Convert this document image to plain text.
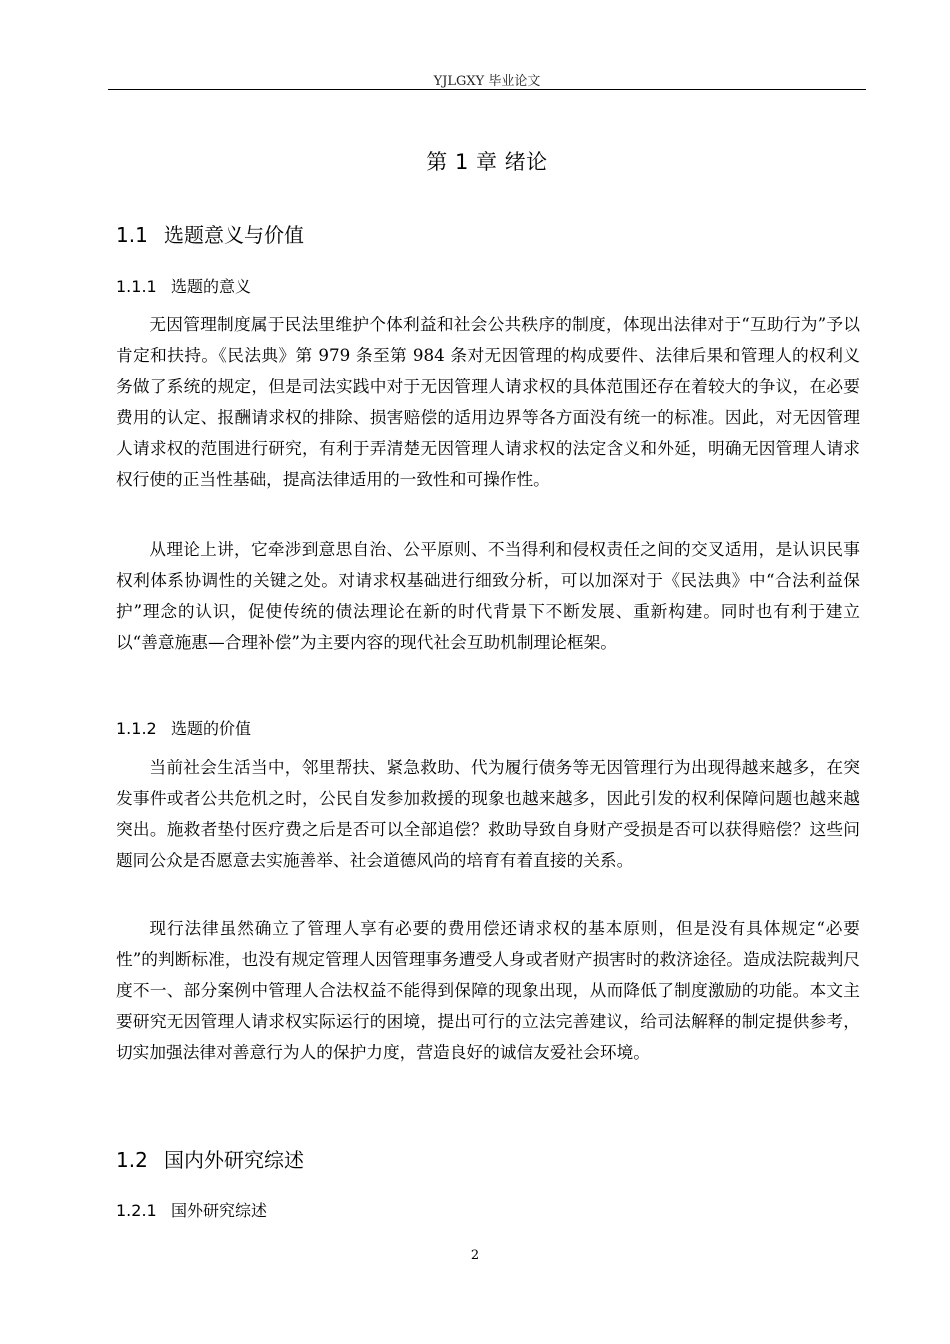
YJLGXY 毕业论文
第 1 章 绪论
1.1 选题意义与价值
1.1.1 选题的意义

无因管理制度属于民法里维护个体利益和社会公共秩序的制度，体现出法律对于“互助行为”予以肯定和扶持。《民法典》第 979 条至第 984 条对无因管理的构成要件、法律后果和管理人的权利义务做了系统的规定，但是司法实践中对于无因管理人请求权的具体范围还存在着较大的争议，在必要费用的认定、报酬请求权的排除、损害赔偿的适用边界等各方面没有统一的标准。因此，对无因管理人请求权的范围进行研究，有利于弄清楚无因管理人请求权的法定含义和外延，明确无因管理人请求权行使的正当性基础，提高法律适用的一致性和可操作性。

从理论上讲，它牵涉到意思自治、公平原则、不当得利和侵权责任之间的交叉适用，是认识民事权利体系协调性的关键之处。对请求权基础进行细致分析，可以加深对于《民法典》中“合法利益保护”理念的认识，促使传统的债法理论在新的时代背景下不断发展、重新构建。同时也有利于建立以“善意施惠—合理补偿”为主要内容的现代社会互助机制理论框架。

1.1.2 选题的价值

当前社会生活当中，邻里帮扶、紧急救助、代为履行债务等无因管理行为出现得越来越多，在突发事件或者公共危机之时，公民自发参加救援的现象也越来越多，因此引发的权利保障问题也越来越突出。施救者垫付医疗费之后是否可以全部追偿？救助导致自身财产受损是否可以获得赔偿？这些问题同公众是否愿意去实施善举、社会道德风尚的培育有着直接的关系。

现行法律虽然确立了管理人享有必要的费用偿还请求权的基本原则，但是没有具体规定“必要性”的判断标准，也没有规定管理人因管理事务遭受人身或者财产损害时的救济途径。造成法院裁判尺度不一、部分案例中管理人合法权益不能得到保障的现象出现，从而降低了制度激励的功能。本文主要研究无因管理人请求权实际运行的困境，提出可行的立法完善建议，给司法解释的制定提供参考，切实加强法律对善意行为人的保护力度，营造良好的诚信友爱社会环境。

1.2 国内外研究综述
1.2.1 国外研究综述
2
